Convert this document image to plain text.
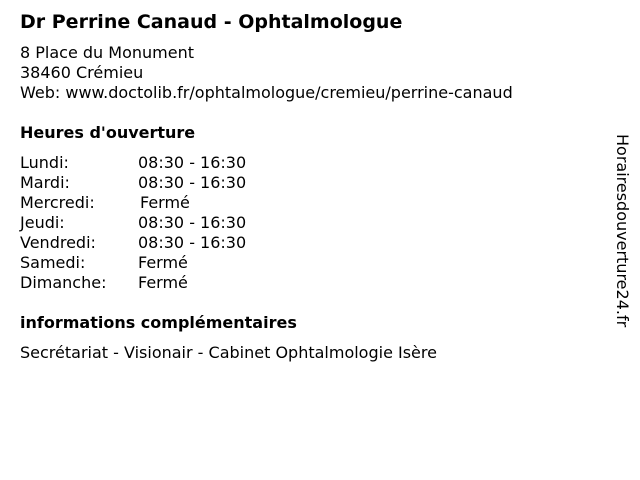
Dr Perrine Canaud - Ophtalmologue
8 Place du Monument
38460 Crémieu
Web: www.doctolib.fr/ophtalmologue/cremieu/perrine-canaud
Heures d'ouverture
Lundi:	08:30 - 16:30
Mardi:	08:30 - 16:30
Mercredi:	Fermé
Jeudi:	08:30 - 16:30
Vendredi:	08:30 - 16:30
Samedi:	Fermé
Dimanche: Fermé
informations complémentaires
Secrétariat - Visionair - Cabinet Ophtalmologie Isère
Horairesdouverture24.fr
